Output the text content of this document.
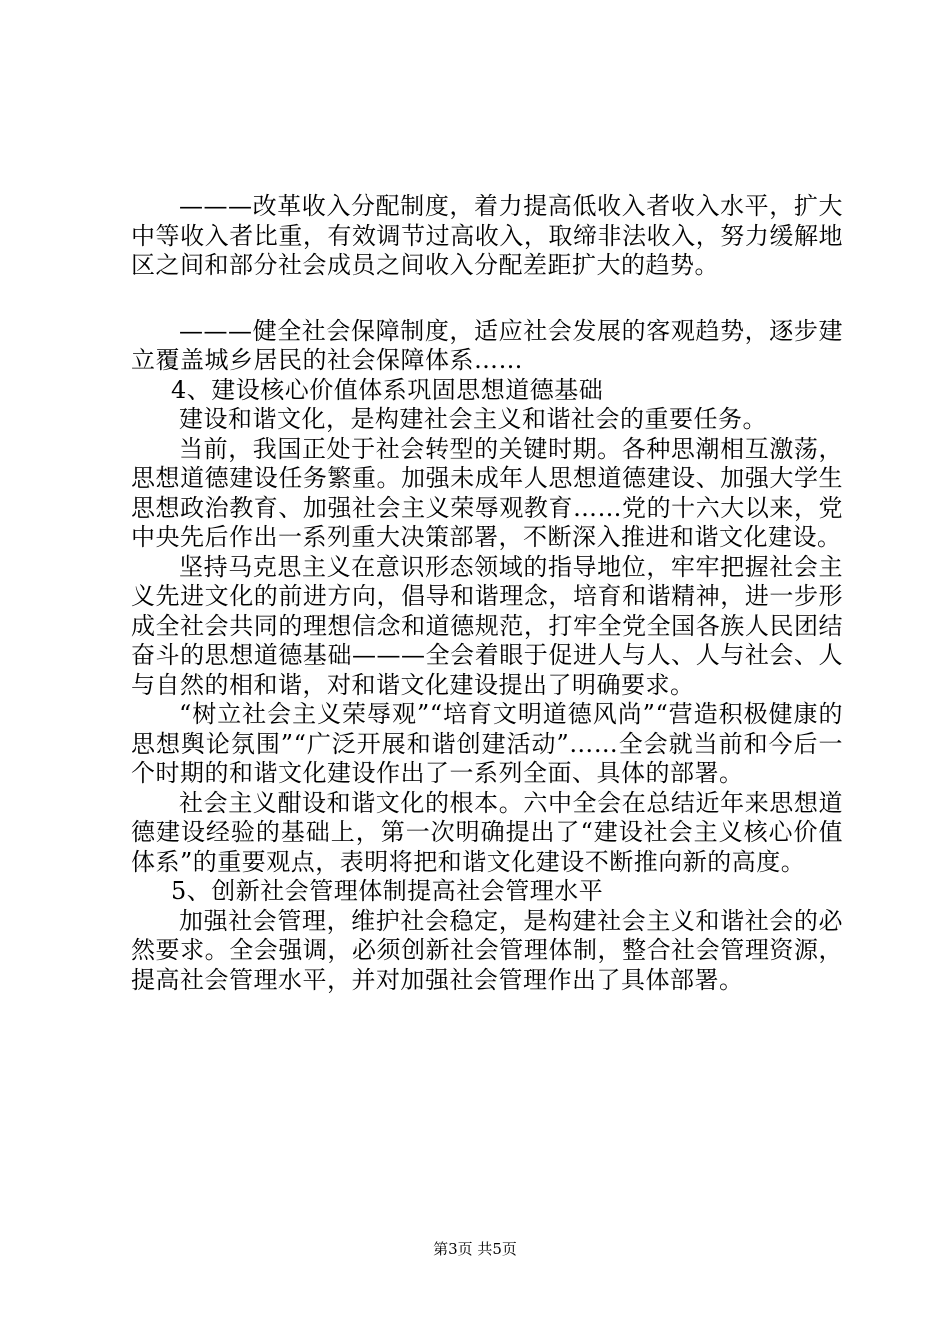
———改革收入分配制度，着力提高低收入者收入水平，扩大中等收入者比重，有效调节过高收入，取缔非法收入，努力缓解地区之间和部分社会成员之间收入分配差距扩大的趋势。

———健全社会保障制度，适应社会发展的客观趋势，逐步建立覆盖城乡居民的社会保障体系……

4、建设核心价值体系巩固思想道德基础

建设和谐文化，是构建社会主义和谐社会的重要任务。

当前，我国正处于社会转型的关键时期。各种思潮相互激荡，思想道德建设任务繁重。加强未成年人思想道德建设、加强大学生思想政治教育、加强社会主义荣辱观教育……党的十六大以来，党中央先后作出一系列重大决策部署，不断深入推进和谐文化建设。

坚持马克思主义在意识形态领域的指导地位，牢牢把握社会主义先进文化的前进方向，倡导和谐理念，培育和谐精神，进一步形成全社会共同的理想信念和道德规范，打牢全党全国各族人民团结奋斗的思想道德基础———全会着眼于促进人与人、人与社会、人与自然的相和谐，对和谐文化建设提出了明确要求。

“树立社会主义荣辱观”“培育文明道德风尚”“营造积极健康的思想舆论氛围”“广泛开展和谐创建活动”……全会就当前和今后一个时期的和谐文化建设作出了一系列全面、具体的部署。

社会主义酣设和谐文化的根本。六中全会在总结近年来思想道德建设经验的基础上，第一次明确提出了“建设社会主义核心价值体系”的重要观点，表明将把和谐文化建设不断推向新的高度。

5、创新社会管理体制提高社会管理水平

加强社会管理，维护社会稳定，是构建社会主义和谐社会的必然要求。全会强调，必须创新社会管理体制，整合社会管理资源，提高社会管理水平，并对加强社会管理作出了具体部署。

第3页 共5页
